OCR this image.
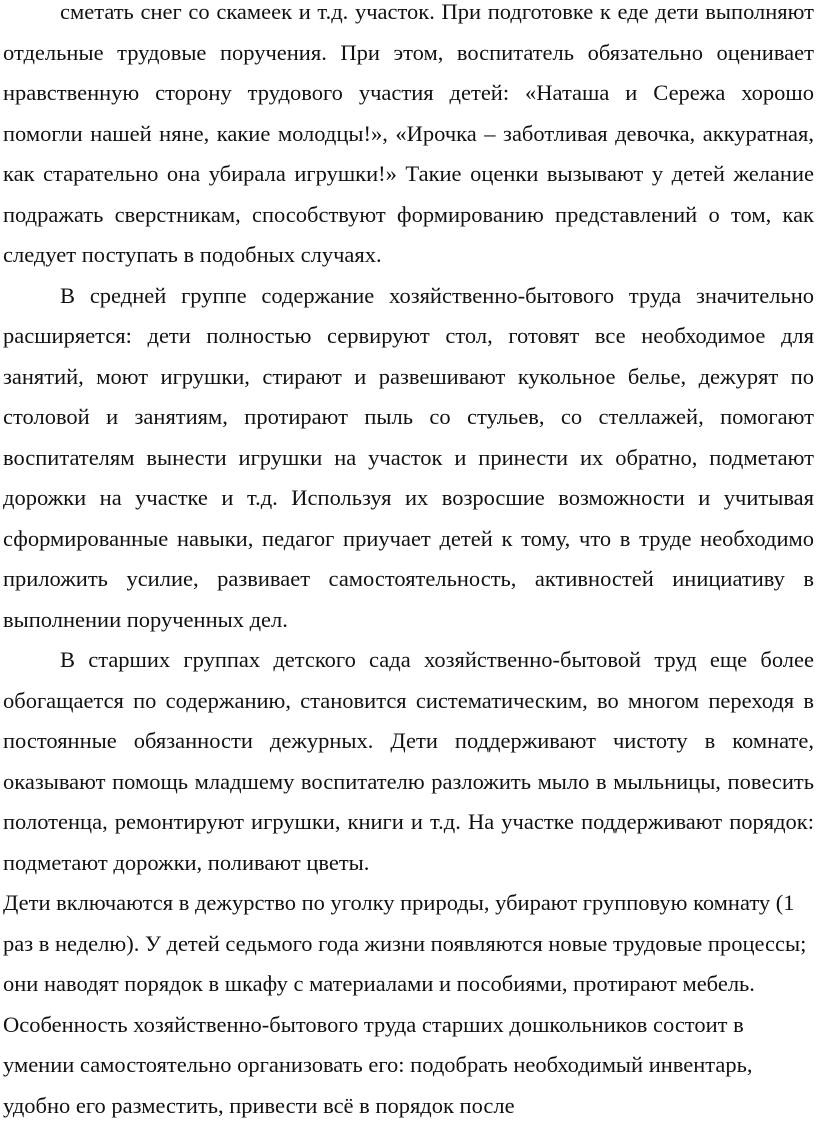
сметать снег со скамеек и т.д. участок. При подготовке к еде дети выполняют отдельные трудовые поручения. При этом, воспитатель обязательно оценивает нравственную сторону трудового участия детей: «Наташа и Сережа хорошо помогли нашей няне, какие молодцы!», «Ирочка – заботливая девочка, аккуратная, как старательно она убирала игрушки!» Такие оценки вызывают у детей желание подражать сверстникам, способствуют формированию представлений о том, как следует поступать в подобных случаях.

В средней группе содержание хозяйственно-бытового труда значительно расширяется: дети полностью сервируют стол, готовят все необходимое для занятий, моют игрушки, стирают и развешивают кукольное белье, дежурят по столовой и занятиям, протирают пыль со стульев, со стеллажей, помогают воспитателям вынести игрушки на участок и принести их обратно, подметают дорожки на участке и т.д. Используя их возросшие возможности и учитывая сформированные навыки, педагог приучает детей к тому, что в труде необходимо приложить усилие, развивает самостоятельность, активностей инициативу в выполнении порученных дел.

В старших группах детского сада хозяйственно-бытовой труд еще более обогащается по содержанию, становится систематическим, во многом переходя в постоянные обязанности дежурных. Дети поддерживают чистоту в комнате, оказывают помощь младшему воспитателю разложить мыло в мыльницы, повесить полотенца, ремонтируют игрушки, книги и т.д. На участке поддерживают порядок: подметают дорожки, поливают цветы.

Дети включаются в дежурство по уголку природы, убирают групповую комнату (1 раз в неделю). У детей седьмого года жизни появляются новые трудовые процессы; они наводят порядок в шкафу с материалами и пособиями, протирают мебель. Особенность хозяйственно-бытового труда старших дошкольников состоит в умении самостоятельно организовать его: подобрать необходимый инвентарь, удобно его разместить, привести всё в порядок после
